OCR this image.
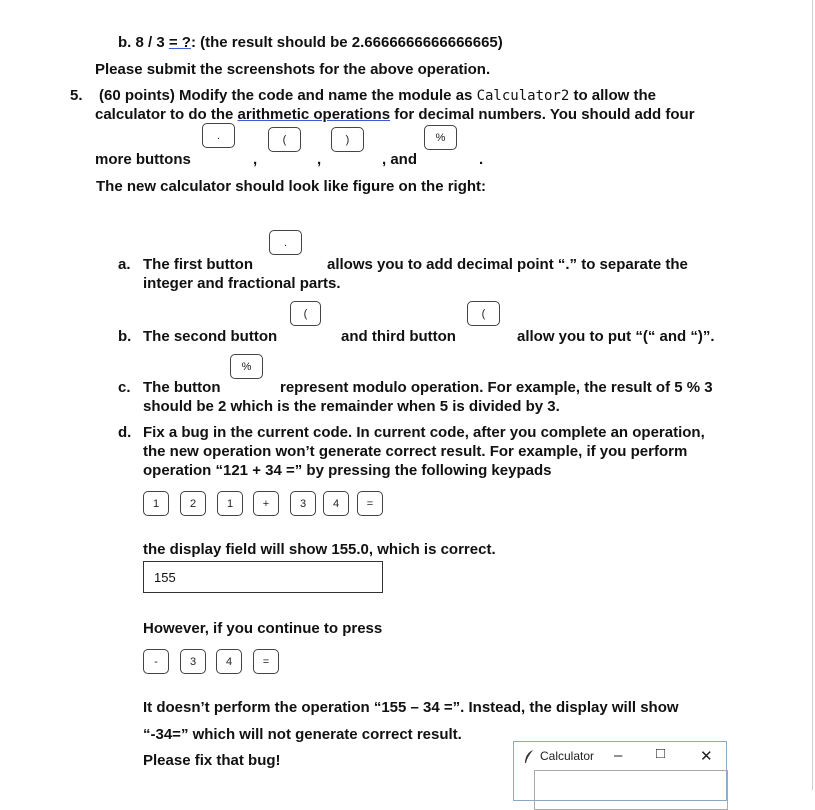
b. 8 / 3 = ?: (the result should be 2.6666666666666665)
Please submit the screenshots for the above operation.
5. (60 points) Modify the code and name the module as Calculator2 to allow the
calculator to do the arithmetic operations for decimal numbers. You should add four
.	(	)	%
more buttons	,	,	, and	.
The new calculator should look like figure on the right:
.
a. The first button	allows you to add decimal point “.” to separate the
integer and fractional parts.
(	(
b. The second button	and third button	allow you to put “(“ and “)”.
%
c. The button	represent modulo operation. For example, the result of 5 % 3
should be 2 which is the remainder when 5 is divided by 3.
d. Fix a bug in the current code. In current code, after you complete an operation,
the new operation won’t generate correct result. For example, if you perform
operation “121 + 34 =” by pressing the following keypads
1	2	1	+	3	4	=
the display field will show 155.0, which is correct.
155
However, if you continue to press
-	3	4	=
It doesn’t perform the operation “155 – 34 =”. Instead, the display will show
“-34=” which will not generate correct result.
Please fix that bug!	Calculator – □ ✕
